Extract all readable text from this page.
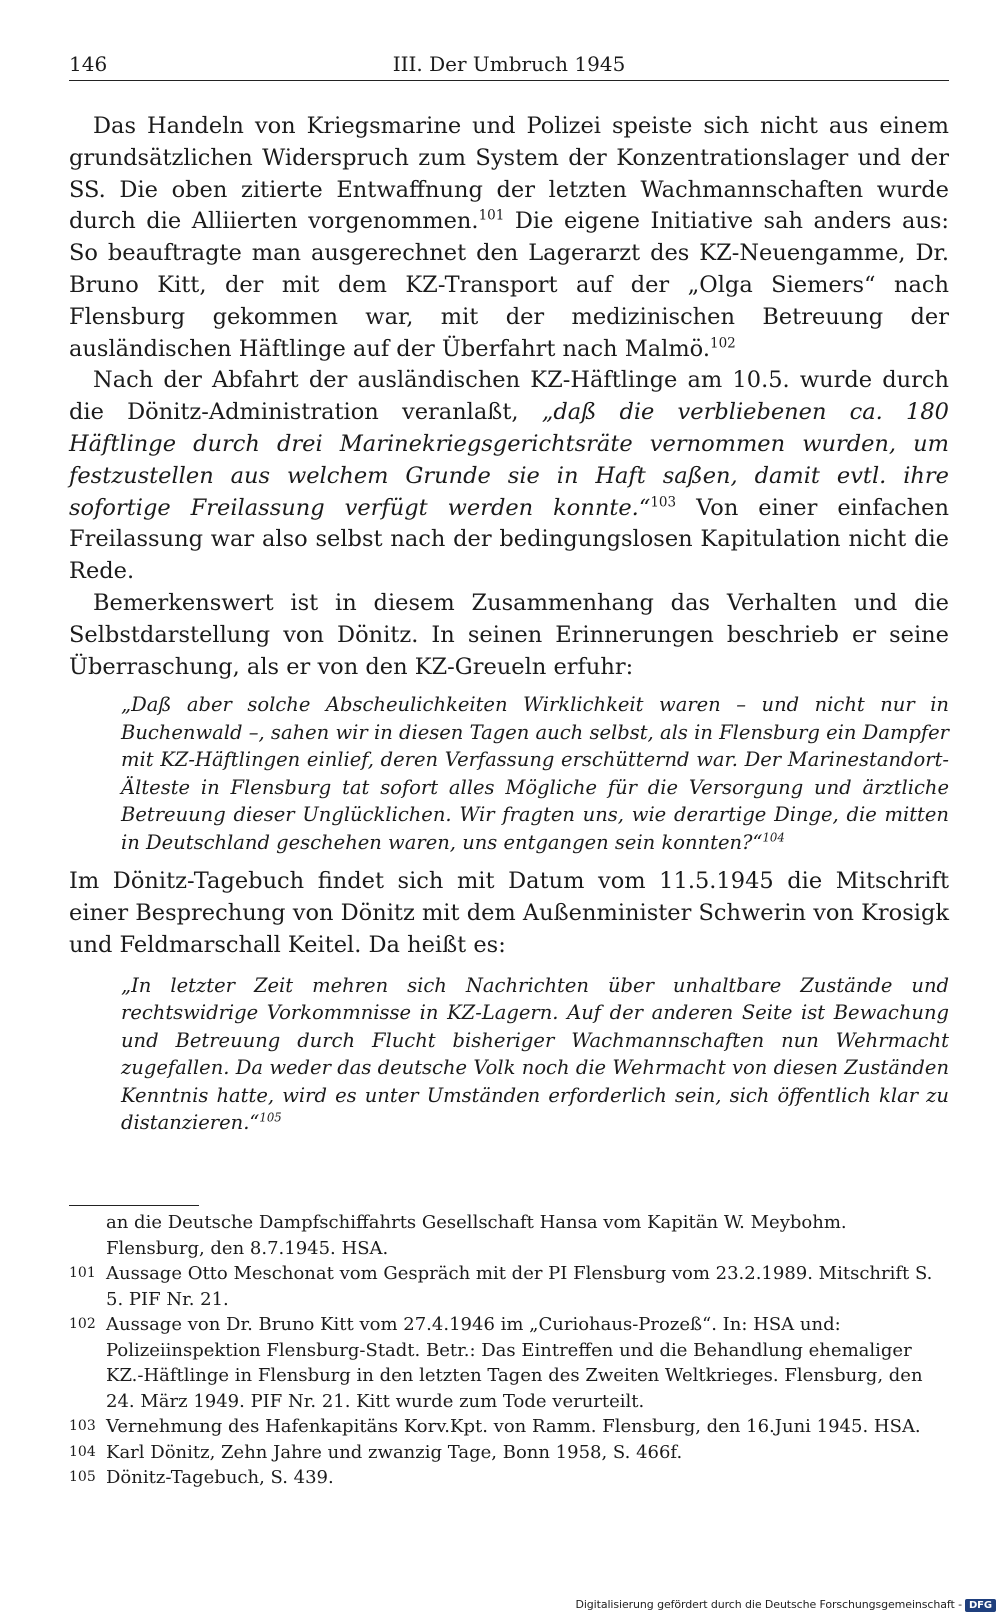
146	III. Der Umbruch 1945

Das Handeln von Kriegsmarine und Polizei speiste sich nicht aus einem grundsätzlichen Widerspruch zum System der Konzentrationslager und der SS. Die oben zitierte Entwaffnung der letzten Wachmannschaften wurde durch die Alliierten vorgenommen.$^{101}$ Die eigene Initiative sah anders aus: So beauftragte man ausgerechnet den Lagerarzt des KZ-Neuengamme, Dr. Bruno Kitt, der mit dem KZ-Transport auf der „Olga Siemers“ nach Flensburg gekommen war, mit der medizinischen Betreuung der ausländischen Häftlinge auf der Überfahrt nach Malmö.$^{102}$

Nach der Abfahrt der ausländischen KZ-Häftlinge am 10.5. wurde durch die Dönitz-Administration veranlaßt, „daß die verbliebenen ca. 180 Häftlinge durch drei Marinekriegsgerichtsräte vernommen wurden, um festzustellen aus welchem Grunde sie in Haft saßen, damit evtl. ihre sofortige Freilassung verfügt werden konnte.“$^{103}$ Von einer einfachen Freilassung war also selbst nach der bedingungslosen Kapitulation nicht die Rede.

Bemerkenswert ist in diesem Zusammenhang das Verhalten und die Selbstdarstellung von Dönitz. In seinen Erinnerungen beschrieb er seine Überraschung, als er von den KZ-Greueln erfuhr:

„Daß aber solche Abscheulichkeiten Wirklichkeit waren – und nicht nur in Buchenwald –, sahen wir in diesen Tagen auch selbst, als in Flensburg ein Dampfer mit KZ-Häftlingen einlief, deren Verfassung erschütternd war. Der Marinestandort-Älteste in Flensburg tat sofort alles Mögliche für die Versorgung und ärztliche Betreuung dieser Unglücklichen. Wir fragten uns, wie derartige Dinge, die mitten in Deutschland geschehen waren, uns entgangen sein konnten?“$^{104}$

Im Dönitz-Tagebuch findet sich mit Datum vom 11.5.1945 die Mitschrift einer Besprechung von Dönitz mit dem Außenminister Schwerin von Krosigk und Feldmarschall Keitel. Da heißt es:

„In letzter Zeit mehren sich Nachrichten über unhaltbare Zustände und rechtswidrige Vorkommnisse in KZ-Lagern. Auf der anderen Seite ist Bewachung und Betreuung durch Flucht bisheriger Wachmannschaften nun Wehrmacht zugefallen. Da weder das deutsche Volk noch die Wehrmacht von diesen Zuständen Kenntnis hatte, wird es unter Umständen erforderlich sein, sich öffentlich klar zu distanzieren.“$^{105}$
an die Deutsche Dampfschiffahrts Gesellschaft Hansa vom Kapitän W. Meybohm. Flensburg, den 8.7.1945. HSA.
101 Aussage Otto Meschonat vom Gespräch mit der PI Flensburg vom 23.2.1989. Mitschrift S. 5. PIF Nr. 21.
102 Aussage von Dr. Bruno Kitt vom 27.4.1946 im „Curiohaus-Prozeß“. In: HSA und: Polizeiinspektion Flensburg-Stadt. Betr.: Das Eintreffen und die Behandlung ehemaliger KZ.-Häftlinge in Flensburg in den letzten Tagen des Zweiten Weltkrieges. Flensburg, den 24. März 1949. PIF Nr. 21. Kitt wurde zum Tode verurteilt.
103 Vernehmung des Hafenkapitäns Korv.Kpt. von Ramm. Flensburg, den 16.Juni 1945. HSA.
104 Karl Dönitz, Zehn Jahre und zwanzig Tage, Bonn 1958, S. 466f.
105 Dönitz-Tagebuch, S. 439.
Digitalisierung gefördert durch die Deutsche Forschungsgemeinschaft - DFG
